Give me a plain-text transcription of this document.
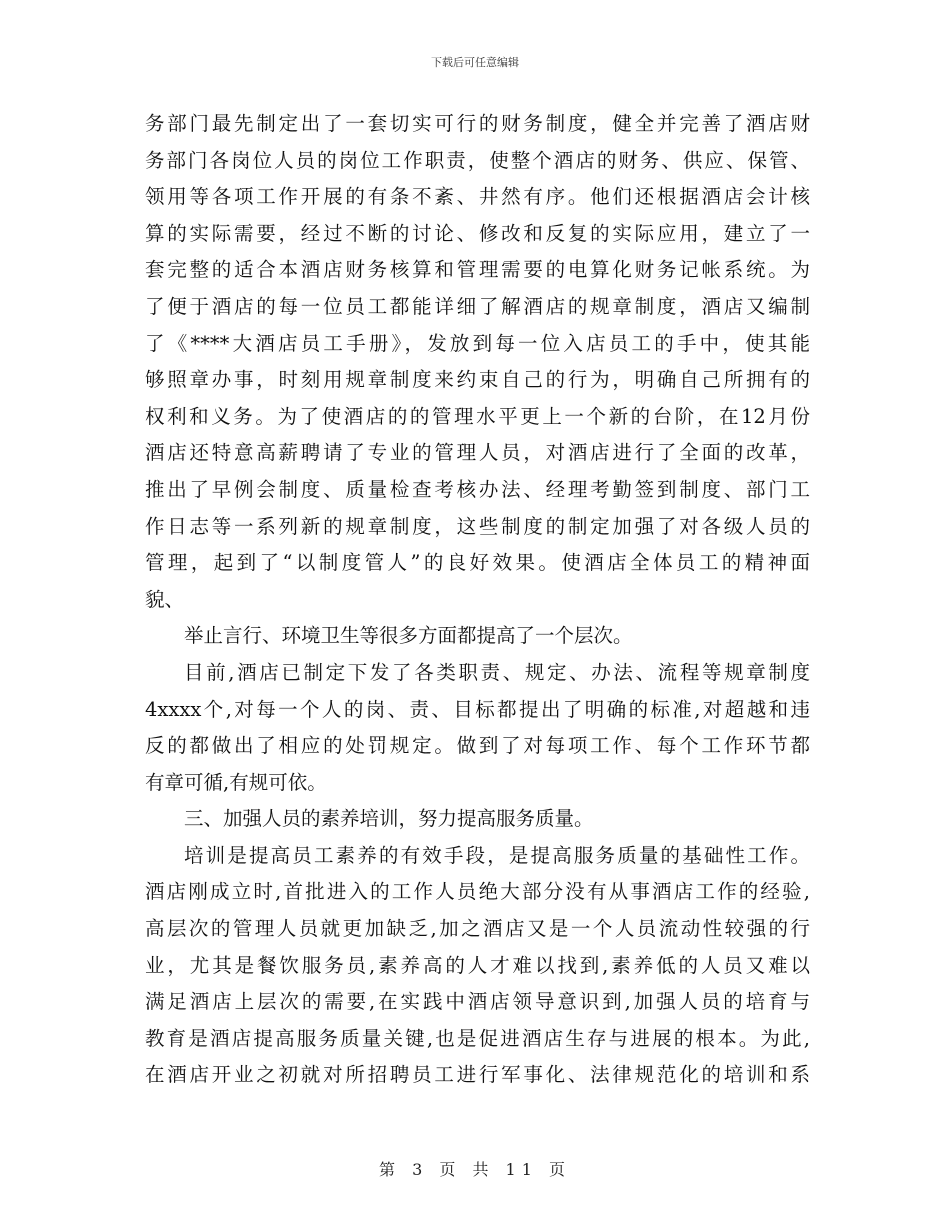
下载后可任意编辑
务部门最先制定出了一套切实可行的财务制度，健全并完善了酒店财
务部门各岗位人员的岗位工作职责，使整个酒店的财务、供应、保管、
领用等各项工作开展的有条不紊、井然有序。他们还根据酒店会计核
算的实际需要，经过不断的讨论、修改和反复的实际应用，建立了一
套完整的适合本酒店财务核算和管理需要的电算化财务记帐系统。为
了便于酒店的每一位员工都能详细了解酒店的规章制度，酒店又编制
了《****大酒店员工手册》，发放到每一位入店员工的手中，使其能
够照章办事，时刻用规章制度来约束自己的行为，明确自己所拥有的
权利和义务。为了使酒店的的管理水平更上一个新的台阶，在12月份
酒店还特意高薪聘请了专业的管理人员，对酒店进行了全面的改革，
推出了早例会制度、质量检查考核办法、经理考勤签到制度、部门工
作日志等一系列新的规章制度，这些制度的制定加强了对各级人员的
管理，起到了“以制度管人”的良好效果。使酒店全体员工的精神面
貌、
举止言行、环境卫生等很多方面都提高了一个层次。
目前,酒店已制定下发了各类职责、规定、办法、流程等规章制度
4xxxx个,对每一个人的岗、责、目标都提出了明确的标准,对超越和违
反的都做出了相应的处罚规定。做到了对每项工作、每个工作环节都
有章可循,有规可依。
三、加强人员的素养培训，努力提高服务质量。
培训是提高员工素养的有效手段，是提高服务质量的基础性工作。
酒店刚成立时,首批进入的工作人员绝大部分没有从事酒店工作的经验,
高层次的管理人员就更加缺乏,加之酒店又是一个人员流动性较强的行
业，尤其是餐饮服务员,素养高的人才难以找到,素养低的人员又难以
满足酒店上层次的需要,在实践中酒店领导意识到,加强人员的培育与
教育是酒店提高服务质量关键,也是促进酒店生存与进展的根本。为此,
在酒店开业之初就对所招聘员工进行军事化、法律规范化的培训和系
第 3 页 共 11 页
